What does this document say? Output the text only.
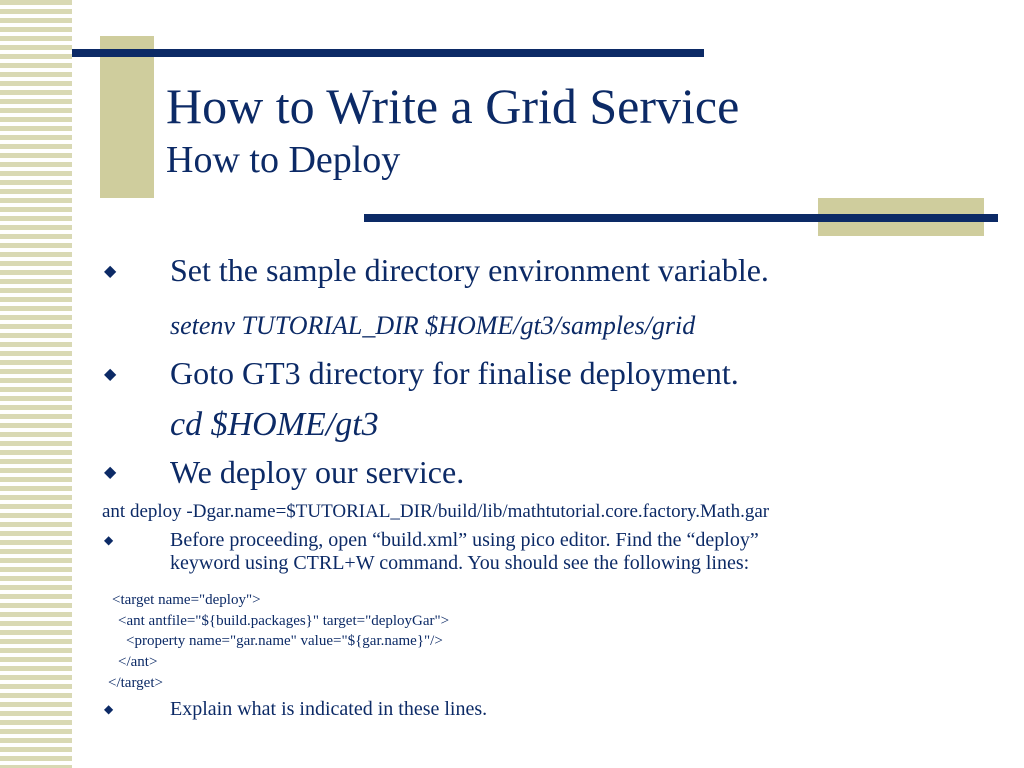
How to Write a Grid Service
How to Deploy
◆ Set the sample directory environment variable.
setenv TUTORIAL_DIR $HOME/gt3/samples/grid
◆ Goto GT3 directory for finalise deployment.
cd $HOME/gt3
◆ We deploy our service.
ant deploy -Dgar.name=$TUTORIAL_DIR/build/lib/mathtutorial.core.factory.Math.gar
◆	Before proceeding, open “build.xml” using pico editor. Find the “deploy”
keyword using CTRL+W command. You should see the following lines:
<target name="deploy">
<ant antfile="${build.packages}" target="deployGar">
<property name="gar.name" value="${gar.name}"/>
</ant>
</target>
◆	Explain what is indicated in these lines.
